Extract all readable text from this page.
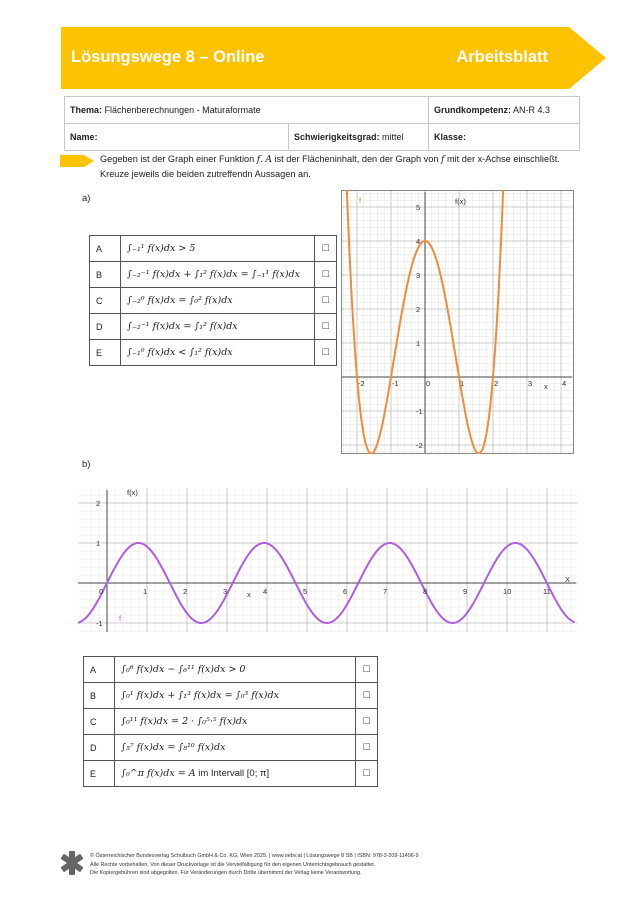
Lösungswege 8 – Online	Arbeitsblatt
Thema: Flächenberechnungen - Maturaformate		Grundkompetenz: AN-R 4.3
Name:	Schwierigkeitsgrad: mittel	Klasse:
Gegeben ist der Graph einer Funktion f. A ist der Flächeninhalt, den der Graph von f mit der x-Achse einschließt.
Kreuze jeweils die beiden zutreffendn Aussagen an.
a)
A	∫₋₁¹ f(x)dx > 5	☐
B	∫₋₂⁻¹ f(x)dx + ∫₁² f(x)dx = ∫₋₁¹ f(x)dx	☐
C	∫₋₂⁰ f(x)dx = ∫₀² f(x)dx	☐
D	∫₋₂⁻¹ f(x)dx = ∫₁² f(x)dx	☐
E	∫₋₁⁰ f(x)dx < ∫₁² f(x)dx	☐
-2	-1	0	1	2	3	4
5
4
3
2
1
-1
-2
f(x)
x
f
b)
0	1	2	3	4	5	6	7	8	9	10	11
2
1
-1
f(x)
x
X
f
A	∫₀⁶ f(x)dx − ∫₆¹¹ f(x)dx > 0	☐
B	∫₀¹ f(x)dx + ∫₁³ f(x)dx = ∫₀³ f(x)dx	☐
C	∫₀¹¹ f(x)dx = 2 · ∫₀⁵·⁵ f(x)dx	☐
D	∫₅⁷ f(x)dx = ∫₈¹⁰ f(x)dx	☐
E	∫₀^π f(x)dx = A im Intervall [0; π]	☐
© Österreichischer Bundesverlag Schulbuch GmbH & Co. KG, Wien 2025. | www.oebv.at | Lösungswege 8 SB | ISBN: 978-3-209-11496-9
Alle Rechte vorbehalten. Von dieser Druckvorlage ist die Vervielfältigung für den eigenen Unterrichtsgebrauch gestattet.
Die Kopiergebühren sind abgegolten. Für Veränderungen durch Dritte übernimmt der Verlag keine Verantwortung.
